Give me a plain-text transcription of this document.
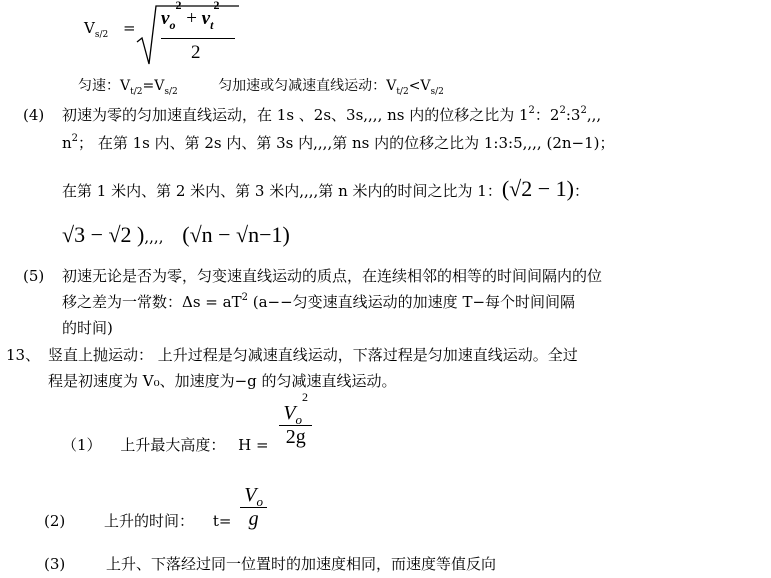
$V_{s/2} = v_o^2 + v_t^2$
2
匀速：$V_{t/2}=V_{s/2}$	匀加速或匀减速直线运动：$V_{t/2}<V_{s/2}$
(4) 初速为零的匀加速直线运动，在 1s 、2s、3s,,,, ns 内的位移之比为 $1^2$：$2^2:3^2$,,,
$n^2$； 在第 1s 内、第 2s 内、第 3s 内,,,,第 ns 内的位移之比为 1:3:5,,,, (2n−1)；
在第 1 米内、第 2 米内、第 3 米内,,,,第 n 米内的时间之比为 1：(√2 − 1)：
√3 − √2 ),,,, (√n − √n−1)
(5) 初速无论是否为零，匀变速直线运动的质点，在连续相邻的相等的时间间隔内的位
移之差为一常数：$\Delta s = aT^2$ (a−−匀变速直线运动的加速度 T−每个时间间隔
的时间)
13、 竖直上抛运动： 上升过程是匀减速直线运动，下落过程是匀加速直线运动。全过
程是初速度为 V₀、加速度为−g 的匀减速直线运动。
（1） 上升最大高度： $H = \frac{V_o^2}{2g}$
(2)	上升的时间： $t= \frac{V_o}{g}$
(3)	上升、下落经过同一位置时的加速度相同，而速度等值反向
